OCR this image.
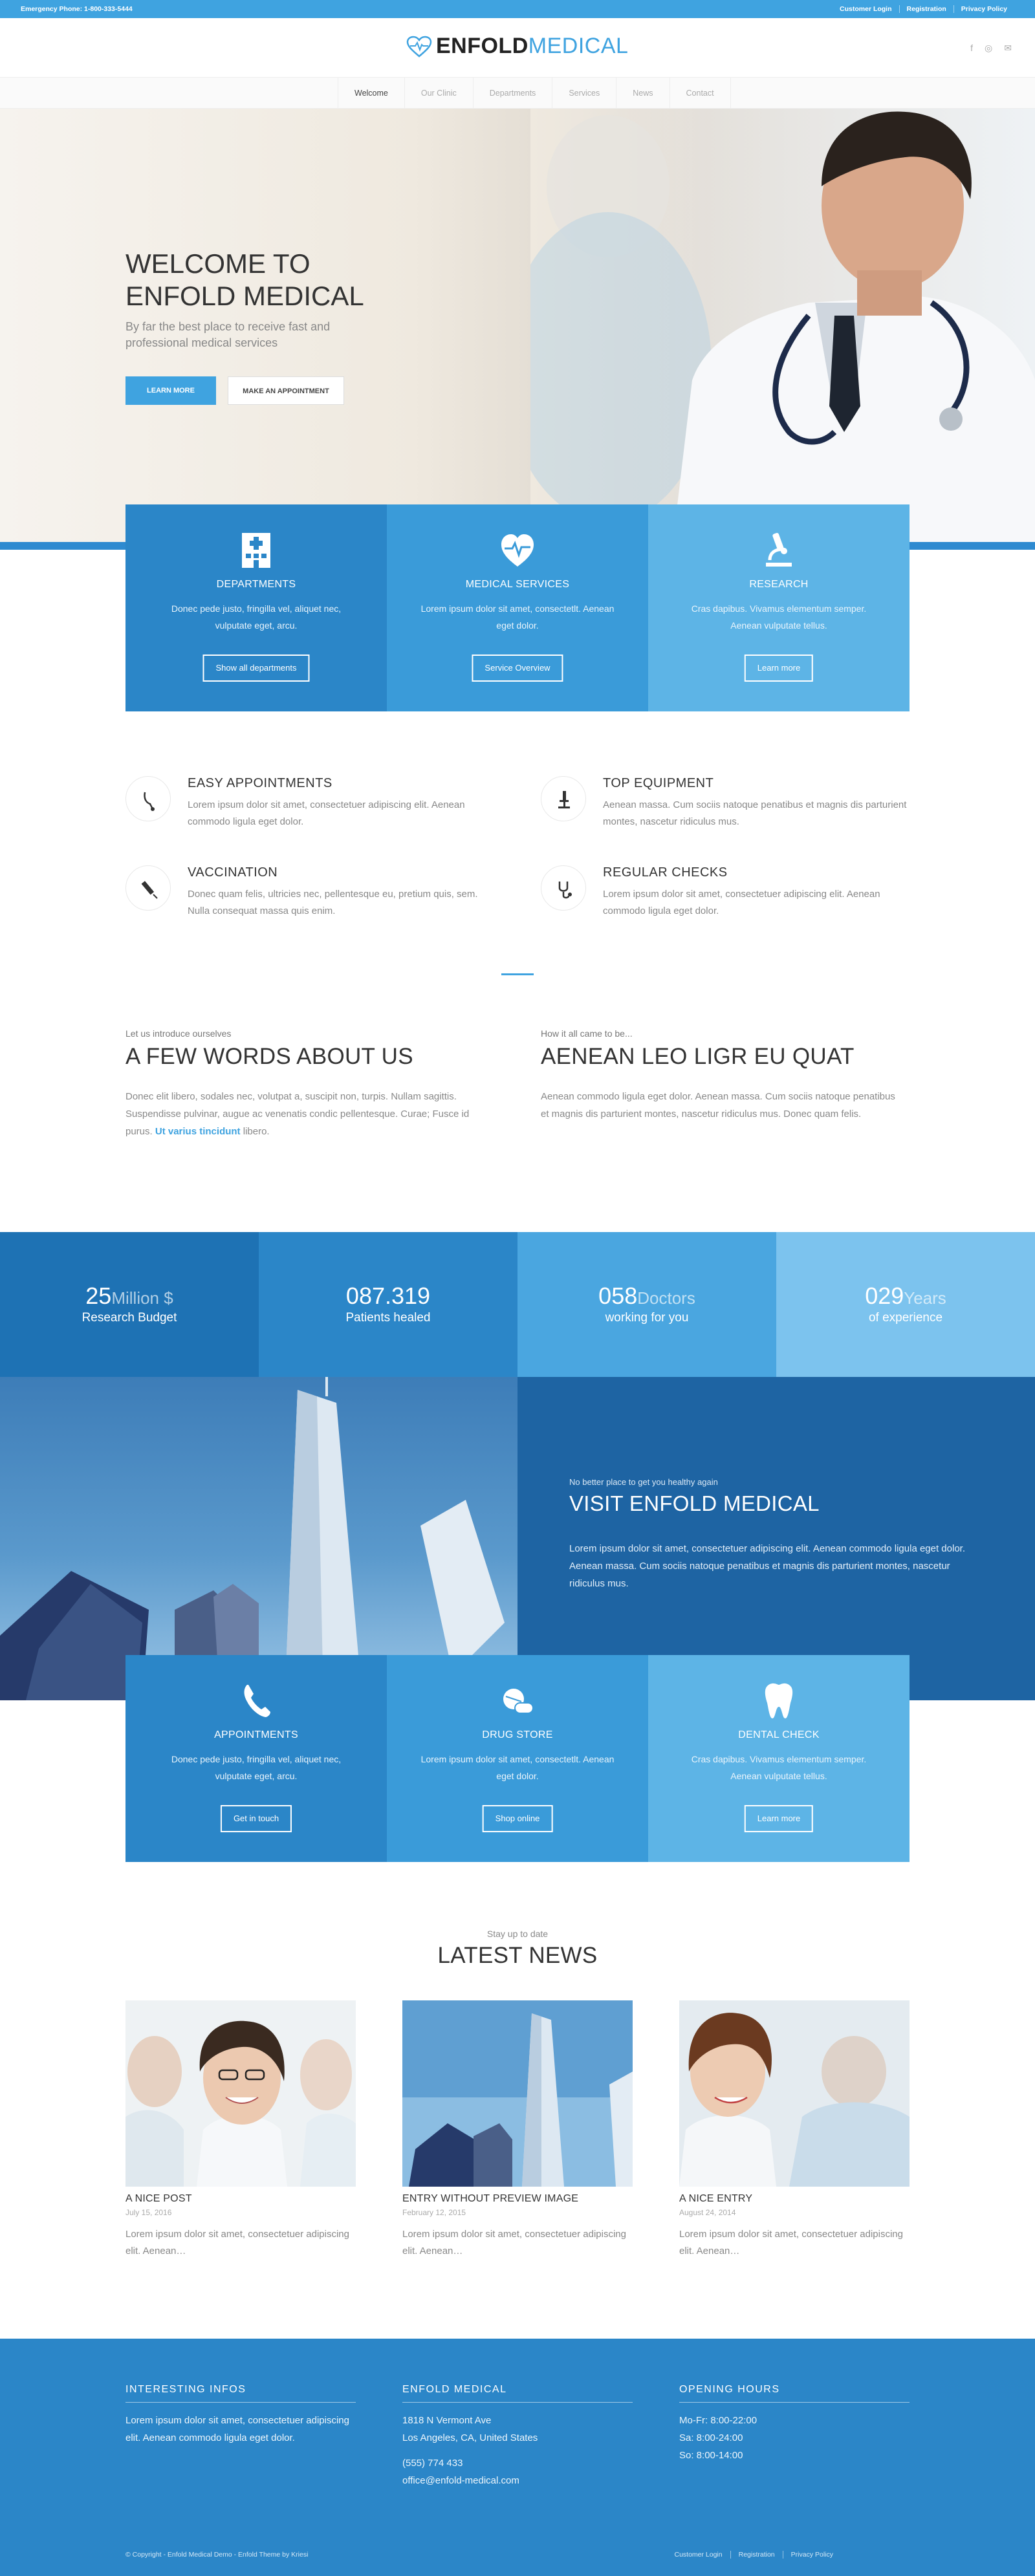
Emergency Phone: 1-800-333-5444	Customer Login	Registration	Privacy Policy
ENFOLD MEDICAL	f ◎ ✉
Welcome	Our Clinic	Departments	Services	News	Contact
WELCOME TO
ENFOLD MEDICAL
By far the best place to receive fast and professional medical services
LEARN MORE	MAKE AN APPOINTMENT
DEPARTMENTS
Donec pede justo, fringilla vel, aliquet nec, vulputate eget, arcu.
Show all departments
MEDICAL SERVICES
Lorem ipsum dolor sit amet, consectetlt. Aenean eget dolor.
Service Overview
RESEARCH
Cras dapibus. Vivamus elementum semper. Aenean vulputate tellus.
Learn more
EASY APPOINTMENTS
Lorem ipsum dolor sit amet, consectetuer adipiscing elit. Aenean commodo ligula eget dolor.
TOP EQUIPMENT
Aenean massa. Cum sociis natoque penatibus et magnis dis parturient montes, nascetur ridiculus mus.
VACCINATION
Donec quam felis, ultricies nec, pellentesque eu, pretium quis, sem. Nulla consequat massa quis enim.
REGULAR CHECKS
Lorem ipsum dolor sit amet, consectetuer adipiscing elit. Aenean commodo ligula eget dolor.
Let us introduce ourselves
A FEW WORDS ABOUT US
Donec elit libero, sodales nec, volutpat a, suscipit non, turpis. Nullam sagittis. Suspendisse pulvinar, augue ac venenatis condic pellentesque. Curae; Fusce id purus. Ut varius tincidunt libero.
How it all came to be...
AENEAN LEO LIGR EU QUAT
Aenean commodo ligula eget dolor. Aenean massa. Cum sociis natoque penatibus et magnis dis parturient montes, nascetur ridiculus mus. Donec quam felis.
25Million $
Research Budget
087.319
Patients healed
058Doctors
working for you
029Years
of experience
No better place to get you healthy again
VISIT ENFOLD MEDICAL
Lorem ipsum dolor sit amet, consectetuer adipiscing elit. Aenean commodo ligula eget dolor. Aenean massa. Cum sociis natoque penatibus et magnis dis parturient montes, nascetur ridiculus mus.
APPOINTMENTS
Donec pede justo, fringilla vel, aliquet nec, vulputate eget, arcu.
Get in touch
DRUG STORE
Lorem ipsum dolor sit amet, consectetlt. Aenean eget dolor.
Shop online
DENTAL CHECK
Cras dapibus. Vivamus elementum semper. Aenean vulputate tellus.
Learn more
Stay up to date
LATEST NEWS
A NICE POST
July 15, 2016
Lorem ipsum dolor sit amet, consectetuer adipiscing elit. Aenean…
ENTRY WITHOUT PREVIEW IMAGE
February 12, 2015
Lorem ipsum dolor sit amet, consectetuer adipiscing elit. Aenean…
A NICE ENTRY
August 24, 2014
Lorem ipsum dolor sit amet, consectetuer adipiscing elit. Aenean…
INTERESTING INFOS
Lorem ipsum dolor sit amet, consectetuer adipiscing elit. Aenean commodo ligula eget dolor.
ENFOLD MEDICAL
1818 N Vermont Ave
Los Angeles, CA, United States
(555) 774 433
office@enfold-medical.com
OPENING HOURS
Mo-Fr: 8:00-22:00
Sa: 8:00-24:00
So: 8:00-14:00
© Copyright - Enfold Medical Demo - Enfold Theme by Kriesi	Customer Login	Registration	Privacy Policy
